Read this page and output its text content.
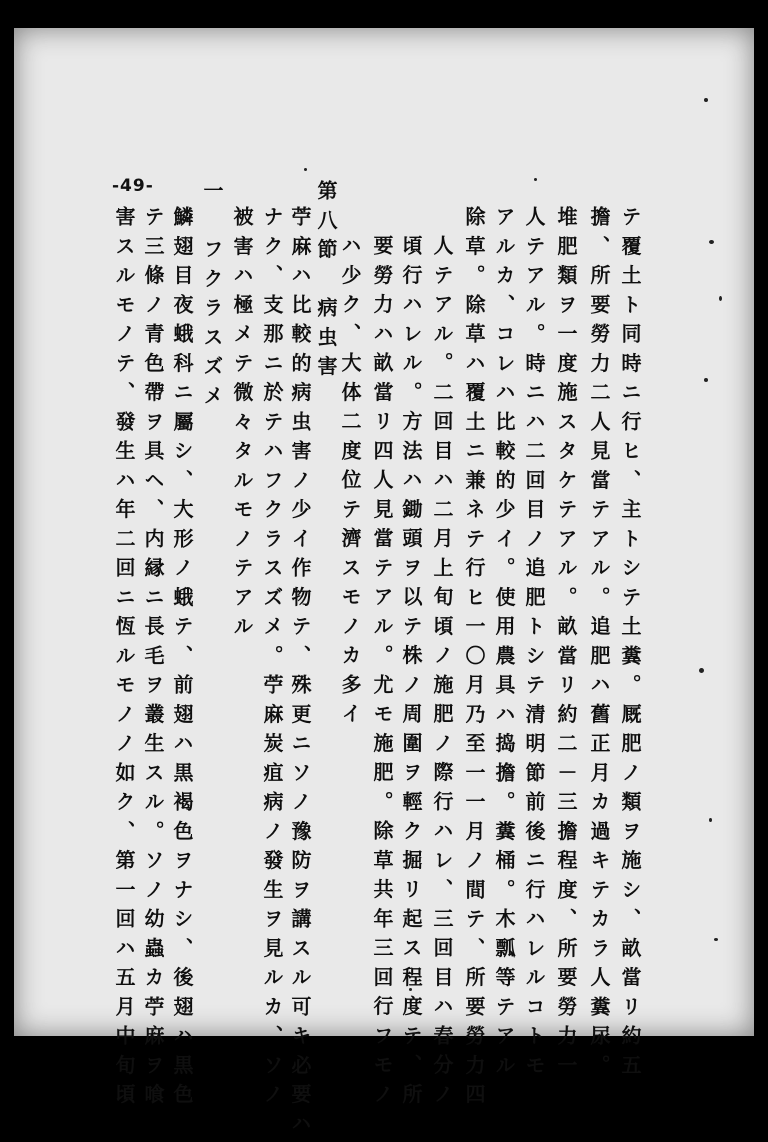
-49-
テ覆土ト同時ニ行ヒ、主トシテ土糞。厩肥ノ類ヲ施シ、畝當リ約五
擔、所要勞力二人見當テアル。追肥ハ舊正月カ過キテカラ人糞尿。
堆肥類ヲ一度施スタケテアル。畝當リ約二－三擔程度、所要勞力一
人テアル。時ニハ二回目ノ追肥トシテ清明節前後ニ行ハレルコトモ
アルカ、コレハ比較的少イ。使用農具ハ捣擔。糞桶。木瓢等テアル
除草。除草ハ覆土ニ兼ネテ行ヒ一〇月乃至一一月ノ間テ、所要勞力四
人テアル。二回目ハ二月上旬頃ノ施肥ノ際行ハレ、三回目ハ春分ノ
頃行ハレル。方法ハ鋤頭ヲ以テ株ノ周圍ヲ輕ク掘リ起ス程度テ、所
要勞力ハ畝當リ四人見當テアル。尤モ施肥。除草共年三回行フモノ
ハ少ク、大体二度位テ濟スモノカ多イ
第八節　病虫害
苧麻ハ比較的病虫害ノ少イ作物テ、殊更ニソノ豫防ヲ講スル可キ必要ハ
ナク、支那ニ於テハフクラスズメ。苧麻炭疽病ノ發生ヲ見ルカ、ソノ
被害ハ極メテ微々タルモノテアル
一　フクラスズメ
鱗翅目夜蛾科ニ屬シ、大形ノ蛾テ、前翅ハ黒褐色ヲナシ、後翅ハ黒色
テ三條ノ青色帶ヲ具ヘ、内縁ニ長毛ヲ叢生スル。ソノ幼蟲カ苧麻ヲ喰
害スルモノテ、發生ハ年二回ニ恆ルモノノ如ク、第一回ハ五月中旬頃
